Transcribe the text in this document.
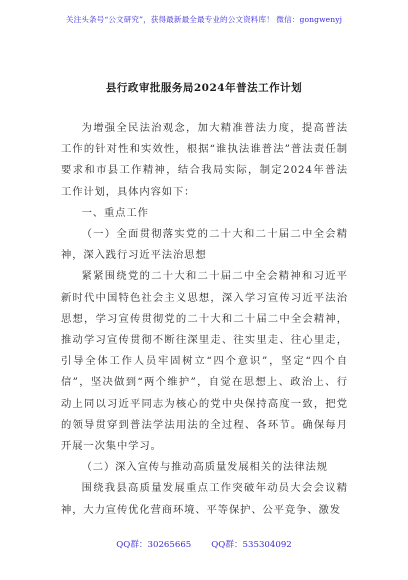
关注头条号“公文研究”，获得最新最全最专业的公文资料库！ 微信：gongwenyj
县行政审批服务局2024年普法工作计划

为增强全民法治观念，加大精准普法力度，提高普法工作的针对性和实效性，根据“谁执法谁普法”普法责任制要求和市县工作精神，结合我局实际，制定2024年普法工作计划，具体内容如下：

一、重点工作

（一）全面贯彻落实党的二十大和二十届二中全会精神，深入践行习近平法治思想

紧紧围绕党的二十大和二十届二中全会精神和习近平新时代中国特色社会主义思想，深入学习宣传习近平法治思想，学习宣传贯彻党的二十大和二十届二中全会精神，推动学习宣传贯彻不断往深里走、往实里走、往心里走，引导全体工作人员牢固树立“四个意识”，坚定“四个自信”，坚决做到“两个维护”，自觉在思想上、政治上、行动上同以习近平同志为核心的党中央保持高度一致，把党的领导贯穿到普法学法用法的全过程、各环节。确保每月开展一次集中学习。

（二）深入宣传与推动高质量发展相关的法律法规

围绕我县高质量发展重点工作突破年动员大会会议精神，大力宣传优化营商环境、平等保护、公平竞争、激发

QQ群：30265665 QQ群：535304092
